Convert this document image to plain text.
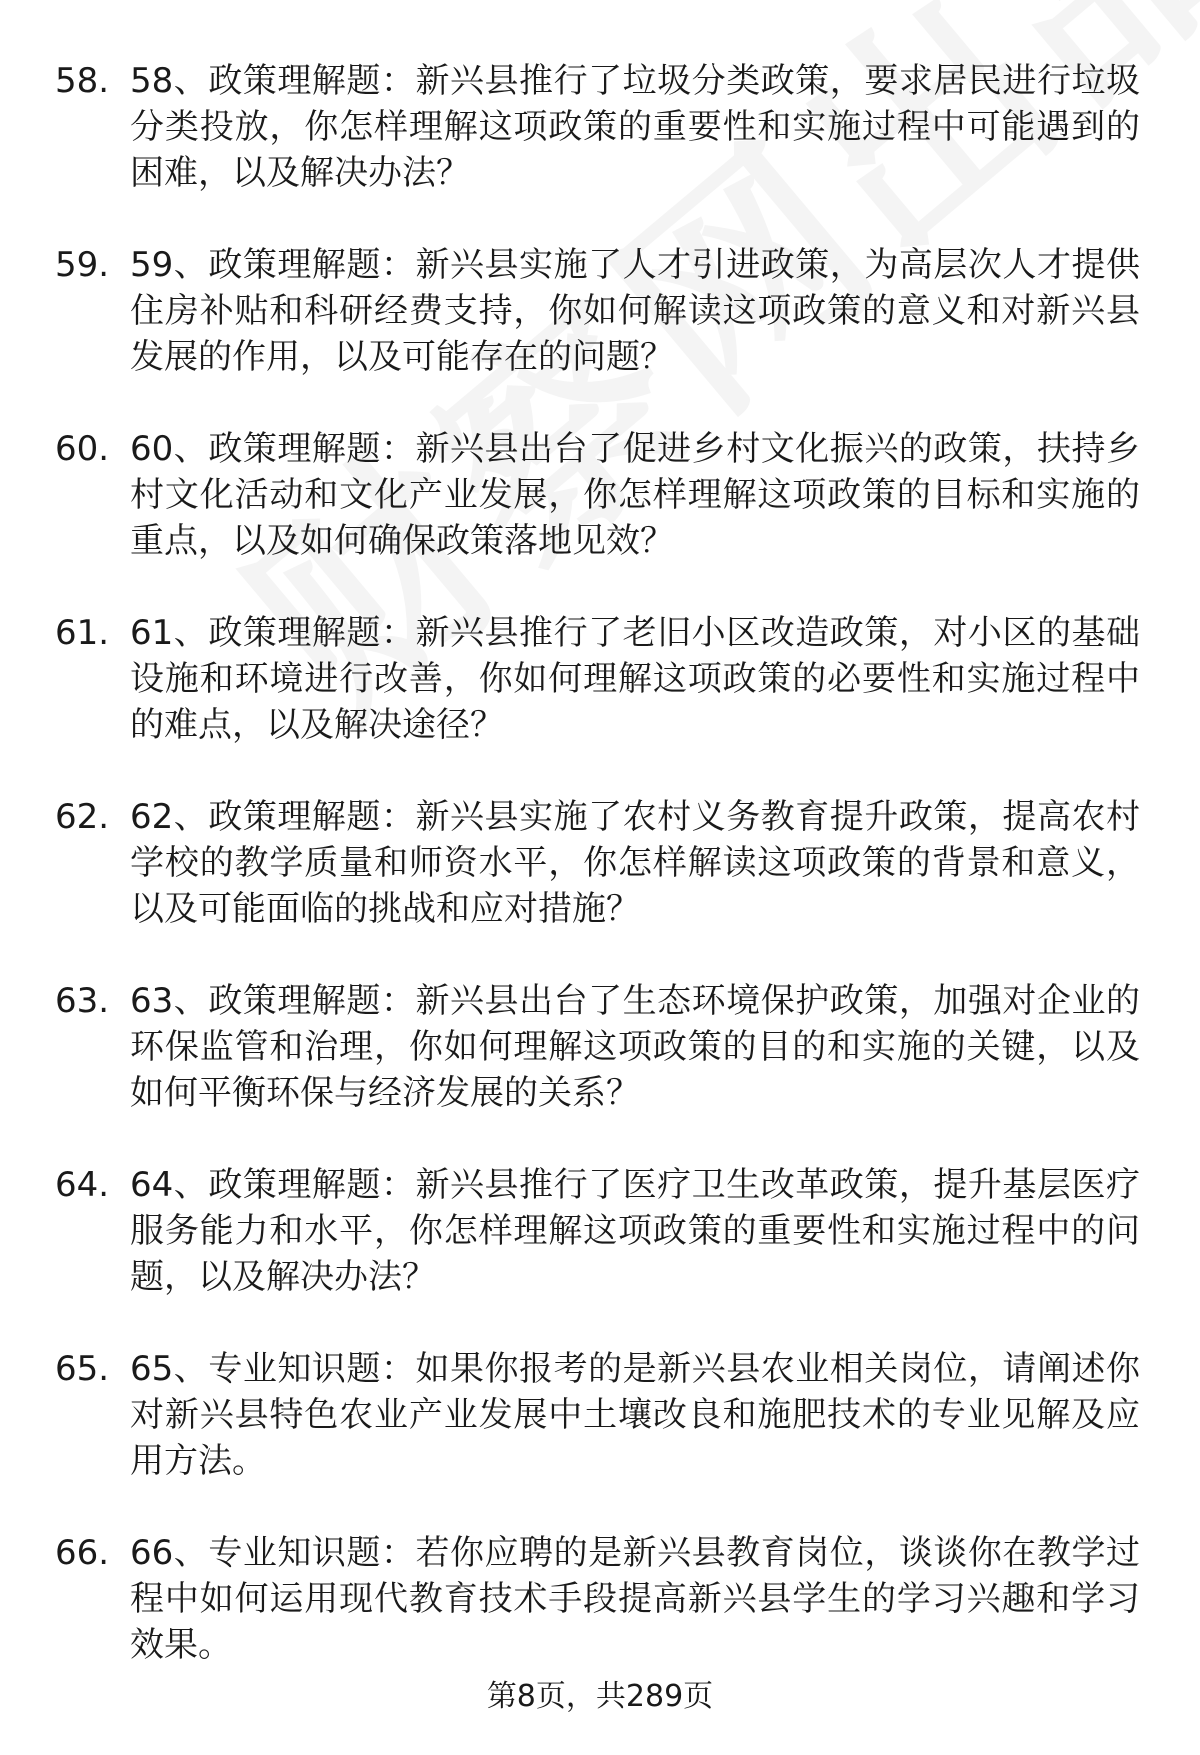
58. 58、政策理解题：新兴县推行了垃圾分类政策，要求居民进行垃圾分类投放，你怎样理解这项政策的重要性和实施过程中可能遇到的困难，以及解决办法？
59. 59、政策理解题：新兴县实施了人才引进政策，为高层次人才提供住房补贴和科研经费支持，你如何解读这项政策的意义和对新兴县发展的作用，以及可能存在的问题？
60. 60、政策理解题：新兴县出台了促进乡村文化振兴的政策，扶持乡村文化活动和文化产业发展，你怎样理解这项政策的目标和实施的重点，以及如何确保政策落地见效？
61. 61、政策理解题：新兴县推行了老旧小区改造政策，对小区的基础设施和环境进行改善，你如何理解这项政策的必要性和实施过程中的难点，以及解决途径？
62. 62、政策理解题：新兴县实施了农村义务教育提升政策，提高农村学校的教学质量和师资水平，你怎样解读这项政策的背景和意义，以及可能面临的挑战和应对措施？
63. 63、政策理解题：新兴县出台了生态环境保护政策，加强对企业的环保监管和治理，你如何理解这项政策的目的和实施的关键，以及如何平衡环保与经济发展的关系？
64. 64、政策理解题：新兴县推行了医疗卫生改革政策，提升基层医疗服务能力和水平，你怎样理解这项政策的重要性和实施过程中的问题，以及解决办法？
65. 65、专业知识题：如果你报考的是新兴县农业相关岗位，请阐述你对新兴县特色农业产业发展中土壤改良和施肥技术的专业见解及应用方法。
66. 66、专业知识题：若你应聘的是新兴县教育岗位，谈谈你在教学过程中如何运用现代教育技术手段提高新兴县学生的学习兴趣和学习效果。
第8页，共289页
